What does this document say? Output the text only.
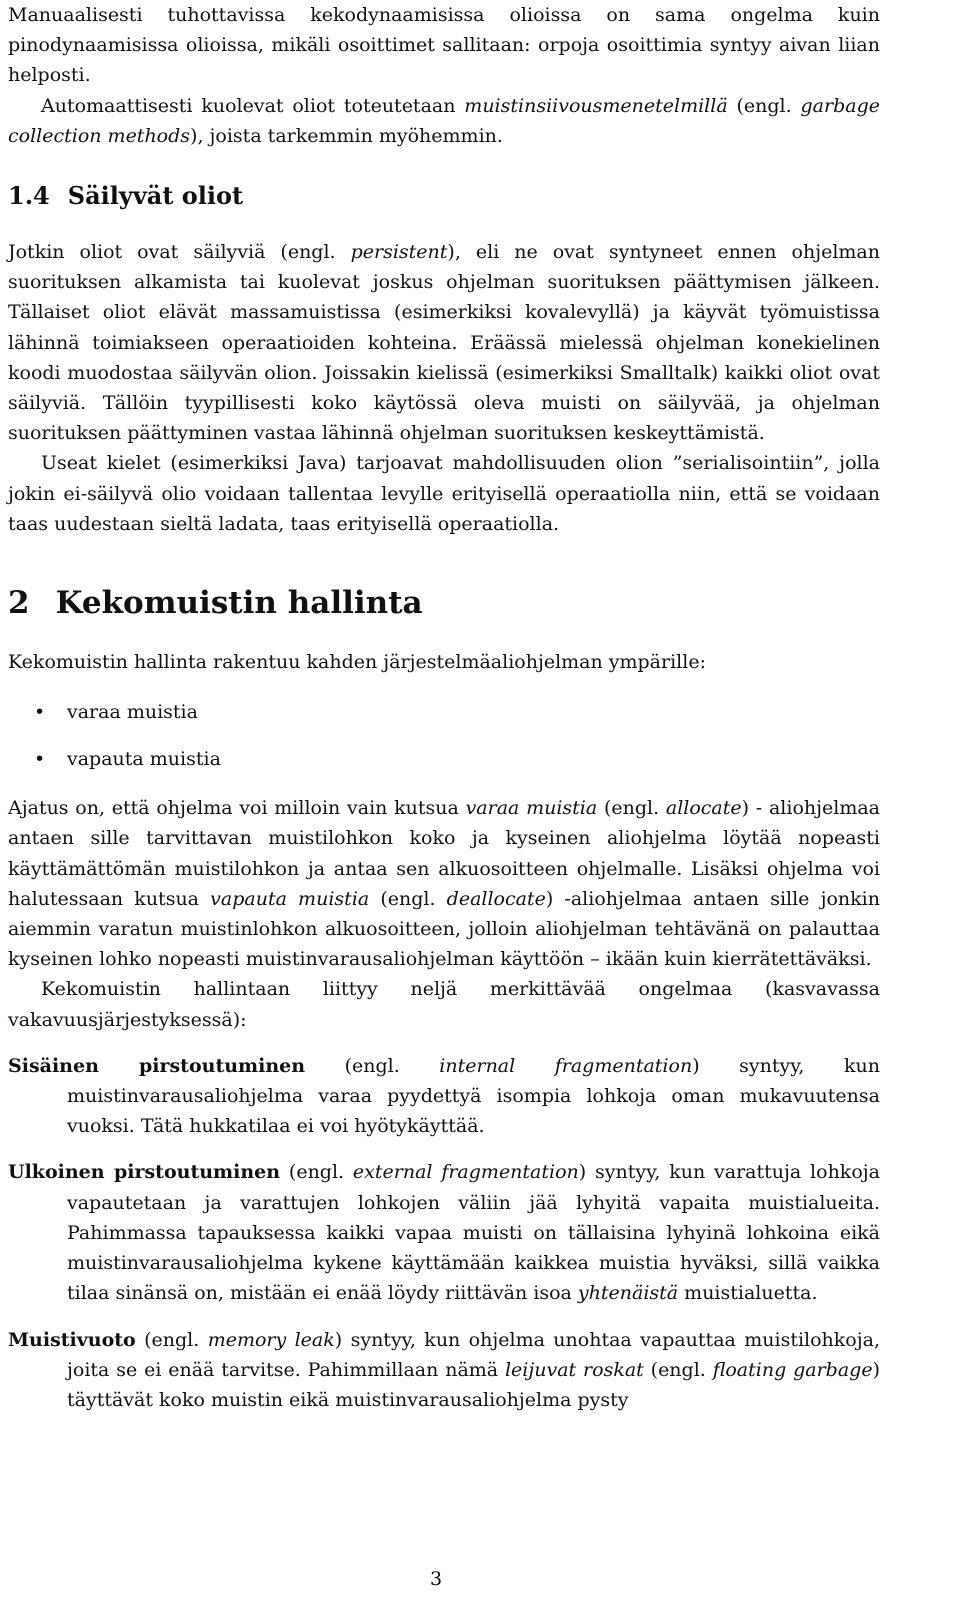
Manuaalisesti tuhottavissa kekodynaamisissa olioissa on sama ongelma kuin pinodynaamisissa olioissa, mikäli osoittimet sallitaan: orpoja osoittimia syntyy aivan liian helposti.

Automaattisesti kuolevat oliot toteutetaan muistinsiivousmenetelmillä (engl. garbage collection methods), joista tarkemmin myöhemmin.

1.4 Säilyvät oliot

Jotkin oliot ovat säilyviä (engl. persistent), eli ne ovat syntyneet ennen ohjelman suorituksen alkamista tai kuolevat joskus ohjelman suorituksen päättymisen jälkeen. Tällaiset oliot elävät massamuistissa (esimerkiksi kovalevyllä) ja käyvät työmuistissa lähinnä toimiakseen operaatioiden kohteina. Eräässä mielessä ohjelman konekielinen koodi muodostaa säilyvän olion. Joissakin kielissä (esimerkiksi Smalltalk) kaikki oliot ovat säilyviä. Tällöin tyypillisesti koko käytössä oleva muisti on säilyvää, ja ohjelman suorituksen päättyminen vastaa lähinnä ohjelman suorituksen keskeyttämistä.

Useat kielet (esimerkiksi Java) tarjoavat mahdollisuuden olion ”serialisointiin”, jolla jokin ei-säilyvä olio voidaan tallentaa levylle erityisellä operaatiolla niin, että se voidaan taas uudestaan sieltä ladata, taas erityisellä operaatiolla.

2 Kekomuistin hallinta

Kekomuistin hallinta rakentuu kahden järjestelmäaliohjelman ympärille:

• varaa muistia
• vapauta muistia

Ajatus on, että ohjelma voi milloin vain kutsua varaa muistia (engl. allocate) - aliohjelmaa antaen sille tarvittavan muistilohkon koko ja kyseinen aliohjelma löytää nopeasti käyttämättömän muistilohkon ja antaa sen alkuosoitteen ohjelmalle. Lisäksi ohjelma voi halutessaan kutsua vapauta muistia (engl. deallocate) -aliohjelmaa antaen sille jonkin aiemmin varatun muistinlohkon alkuosoitteen, jolloin aliohjelman tehtävänä on palauttaa kyseinen lohko nopeasti muistinvarausaliohjelman käyttöön – ikään kuin kierrätettäväksi.

Kekomuistin hallintaan liittyy neljä merkittävää ongelmaa (kasvavassa vakavuusjärjestyksessä):

Sisäinen pirstoutuminen (engl. internal fragmentation) syntyy, kun muistinvarausaliohjelma varaa pyydettyä isompia lohkoja oman mukavuutensa vuoksi. Tätä hukkatilaa ei voi hyötykäyttää.
Ulkoinen pirstoutuminen (engl. external fragmentation) syntyy, kun varattuja lohkoja vapautetaan ja varattujen lohkojen väliin jää lyhyitä vapaita muistialueita. Pahimmassa tapauksessa kaikki vapaa muisti on tällaisina lyhyinä lohkoina eikä muistinvarausaliohjelma kykene käyttämään kaikkea muistia hyväksi, sillä vaikka tilaa sinänsä on, mistään ei enää löydy riittävän isoa yhtenäistä muistialuetta.
Muistivuoto (engl. memory leak) syntyy, kun ohjelma unohtaa vapauttaa muistilohkoja, joita se ei enää tarvitse. Pahimmillaan nämä leijuvat roskat (engl. floating garbage) täyttävät koko muistin eikä muistinvarausaliohjelma pysty
3
